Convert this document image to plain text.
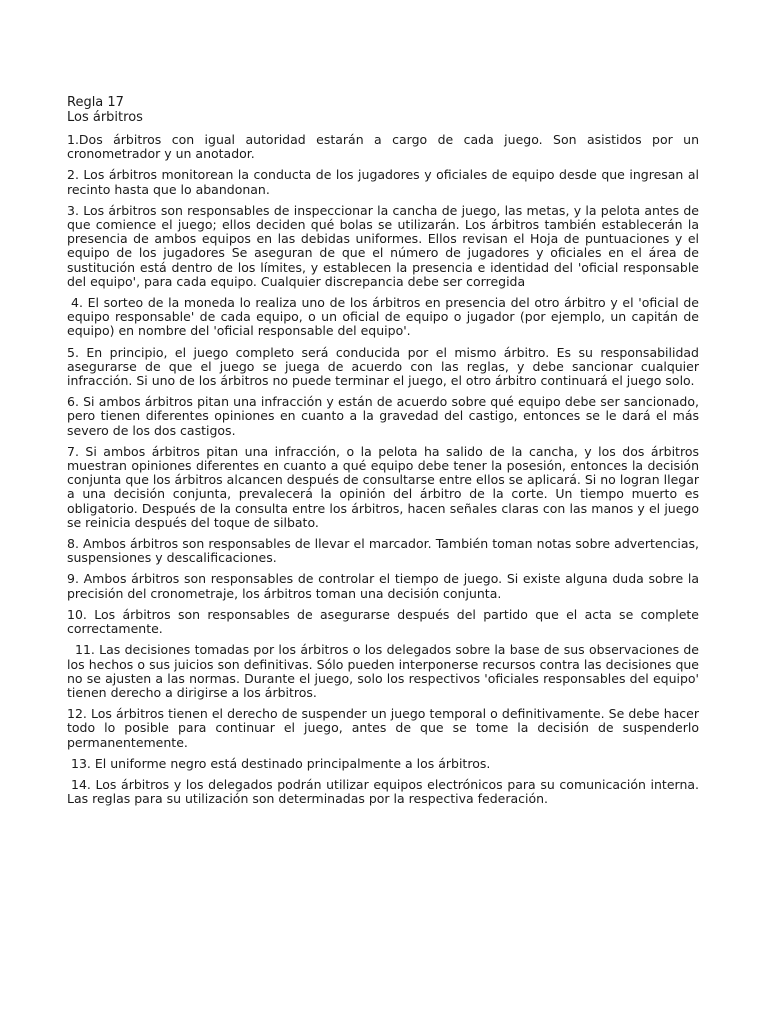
Regla 17
Los árbitros

1.Dos árbitros con igual autoridad estarán a cargo de cada juego. Son asistidos por un cronometrador y un anotador.

2. Los árbitros monitorean la conducta de los jugadores y oficiales de equipo desde que ingresan al recinto hasta que lo abandonan.

3. Los árbitros son responsables de inspeccionar la cancha de juego, las metas, y la pelota antes de que comience el juego; ellos deciden qué bolas se utilizarán. Los árbitros también establecerán la presencia de ambos equipos en las debidas uniformes. Ellos revisan el Hoja de puntuaciones y el equipo de los jugadores Se aseguran de que el número de jugadores y oficiales en el área de sustitución está dentro de los límites, y establecen la presencia e identidad del 'oficial responsable del equipo', para cada equipo. Cualquier discrepancia debe ser corregida

4. El sorteo de la moneda lo realiza uno de los árbitros en presencia del otro árbitro y el 'oficial de equipo responsable' de cada equipo, o un oficial de equipo o jugador (por ejemplo, un capitán de equipo) en nombre del 'oficial responsable del equipo'.

5. En principio, el juego completo será conducida por el mismo árbitro. Es su responsabilidad asegurarse de que el juego se juega de acuerdo con las reglas, y debe sancionar cualquier infracción. Si uno de los árbitros no puede terminar el juego, el otro árbitro continuará el juego solo.

6. Si ambos árbitros pitan una infracción y están de acuerdo sobre qué equipo debe ser sancionado, pero tienen diferentes opiniones en cuanto a la gravedad del castigo, entonces se le dará el más severo de los dos castigos.

7. Si ambos árbitros pitan una infracción, o la pelota ha salido de la cancha, y los dos árbitros muestran opiniones diferentes en cuanto a qué equipo debe tener la posesión, entonces la decisión conjunta que los árbitros alcancen después de consultarse entre ellos se aplicará. Si no logran llegar a una decisión conjunta, prevalecerá la opinión del árbitro de la corte. Un tiempo muerto es obligatorio. Después de la consulta entre los árbitros, hacen señales claras con las manos y el juego se reinicia después del toque de silbato.

8. Ambos árbitros son responsables de llevar el marcador. También toman notas sobre advertencias, suspensiones y descalificaciones.

9. Ambos árbitros son responsables de controlar el tiempo de juego. Si existe alguna duda sobre la precisión del cronometraje, los árbitros toman una decisión conjunta.

10. Los árbitros son responsables de asegurarse después del partido que el acta se complete correctamente.

11. Las decisiones tomadas por los árbitros o los delegados sobre la base de sus observaciones de los hechos o sus juicios son definitivas. Sólo pueden interponerse recursos contra las decisiones que no se ajusten a las normas. Durante el juego, solo los respectivos 'oficiales responsables del equipo' tienen derecho a dirigirse a los árbitros.

12. Los árbitros tienen el derecho de suspender un juego temporal o definitivamente. Se debe hacer todo lo posible para continuar el juego, antes de que se tome la decisión de suspenderlo permanentemente.

13. El uniforme negro está destinado principalmente a los árbitros.

14. Los árbitros y los delegados podrán utilizar equipos electrónicos para su comunicación interna. Las reglas para su utilización son determinadas por la respectiva federación.
